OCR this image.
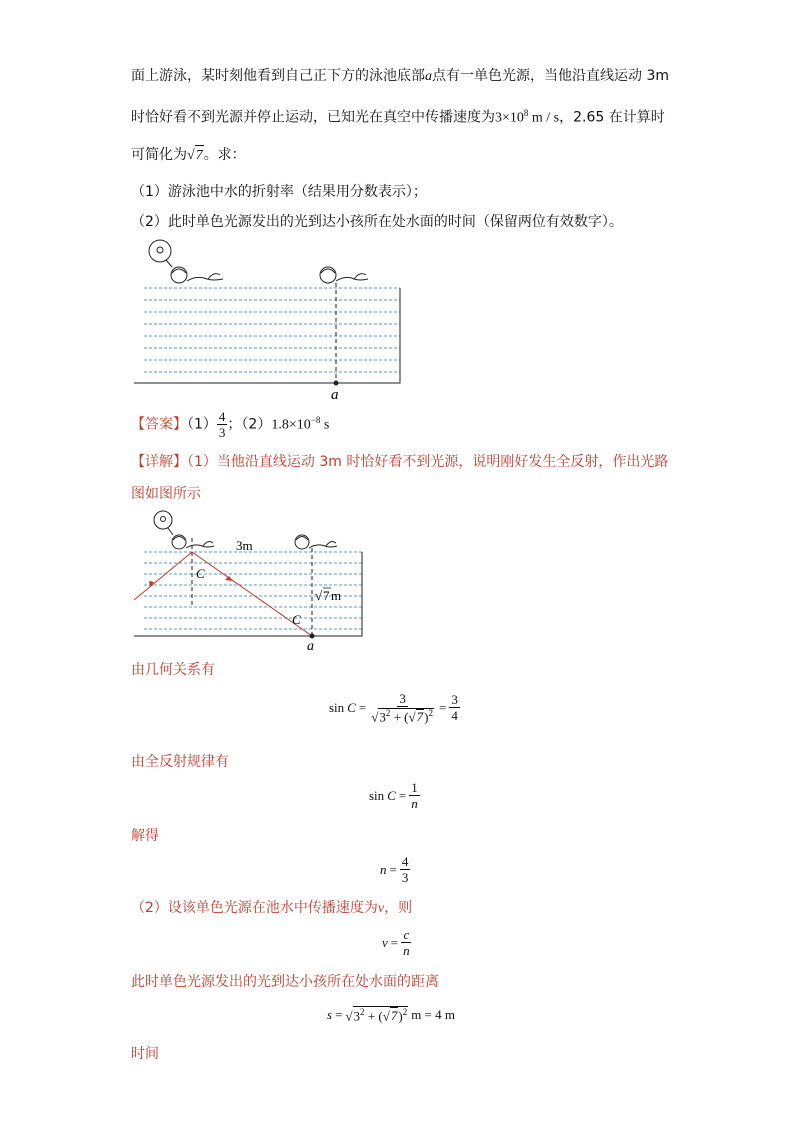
面上游泳，某时刻他看到自己正下方的泳池底部a点有一单色光源，当他沿直线运动 3m
时恰好看不到光源并停止运动，已知光在真空中传播速度为$3\times 10^8$ m / s，2.65 在计算时
可简化为√7。求：
（1）游泳池中水的折射率（结果用分数表示）；
（2）此时单色光源发出的光到达小孩所在处水面的时间（保留两位有效数字）。
a
【答案】$(1) \frac{4}{3}$ ；$(2)1.8\times 10^{-8}$ s
【详解】（1）当他沿直线运动 3m 时恰好看不到光源，说明刚好发生全反射，作出光路
图如图所示
3m
C
C
√ 7 m
a
由几何关系有
$\sin C = \frac{3}{√3^2 + (√7)^2} = \frac{3}{4}$
由全反射规律有
$\sin C = \frac{1}{n}$
解得
$n = \frac{4}{3}$
（2）设该单色光源在池水中传播速度为v，则
$v = \frac{c}{n}$
此时单色光源发出的光到达小孩所在处水面的距离
$s = √3^2 + (√7)^2$ m = 4 m
时间
